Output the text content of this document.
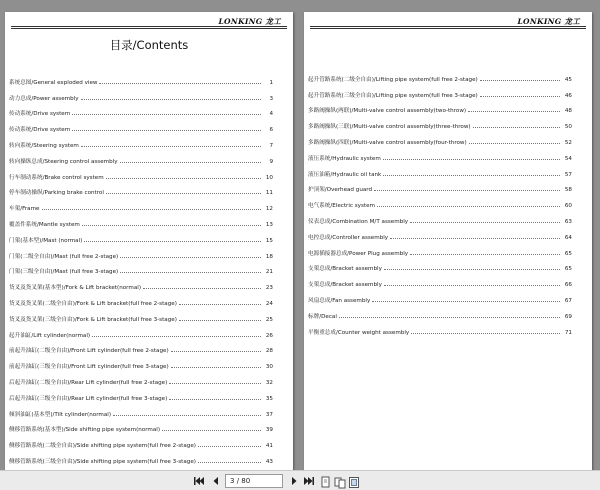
LONKING 龙工
目录/Contents
系统总图/General exploded view	1
动力总成/Power assembly	3
传动系统/Drive system	4
传动系统/Drive system	6
转向系统/Steering system	7
转向操纵总成/Steering control assembly	9
行车制动系统/Brake control system	10
停车制动操纵/Parking brake control	11
车架/Frame	12
覆盖件系统/Mantle system	13
门架(基本型)/Mast (normal)	15
门架(二级全自由)/Mast (full free 2-stage)	18
门架(三级全自由)/Mast (full free 3-stage)	21
货叉及货叉架(基本型)/Fork & Lift bracket(normal)	23
货叉及货叉架(二级全自由)/Fork & Lift bracket(full free 2-stage)	24
货叉及货叉架(三级全自由)/Fork & Lift bracket(full free 3-stage)	25
起升油缸/Lift cylinder(normal)	26
前起升油缸(二级全自由)/Front Lift cylinder(full free 2-stage)	28
前起升油缸(三级全自由)/Front Lift cylinder(full free 3-stage)	30
后起升油缸(二级全自由)/Rear Lift cylinder(full free 2-stage)	32
后起升油缸(三级全自由)/Rear Lift cylinder(full free 3-stage)	35
倾斜油缸(基本型)/Tilt cylinder(normal)	37
侧移管路系统(基本型)/Side shifting pipe system(normal)	39
侧移管路系统(二级全自由)/Side shifting pipe system(full free 2-stage)	41
侧移管路系统(三级全自由)/Side shifting pipe system(full free 3-stage)	43
LONKING 龙工
起升管路系统(二级全自由)/Lifting pipe system(full free 2-stage)	45
起升管路系统(三级全自由)/Lifting pipe system(full free 3-stage)	46
多路阀操纵(两联)/Multi-valve control assembly(two-throw)	48
多路阀操纵(三联)/Multi-valve control assembly(three-throw)	50
多路阀操纵(四联)/Multi-valve control assembly(four-throw)	52
液压系统/Hydraulic system	54
液压油箱/Hydraulic oil tank	57
护顶架/Overhead guard	58
电气系统/Electric system	60
仪表总成/Combination M/T assembly	63
电控总成/Controller assembly	64
电源插接器总成/Power Plug assembly	65
支架总成/Bracket assembly	65
支架总成/Bracket assembly	66
风扇总成/Fan assembly	67
标牌/Decal	69
平衡重总成/Counter weight assembly	71
3 / 80
